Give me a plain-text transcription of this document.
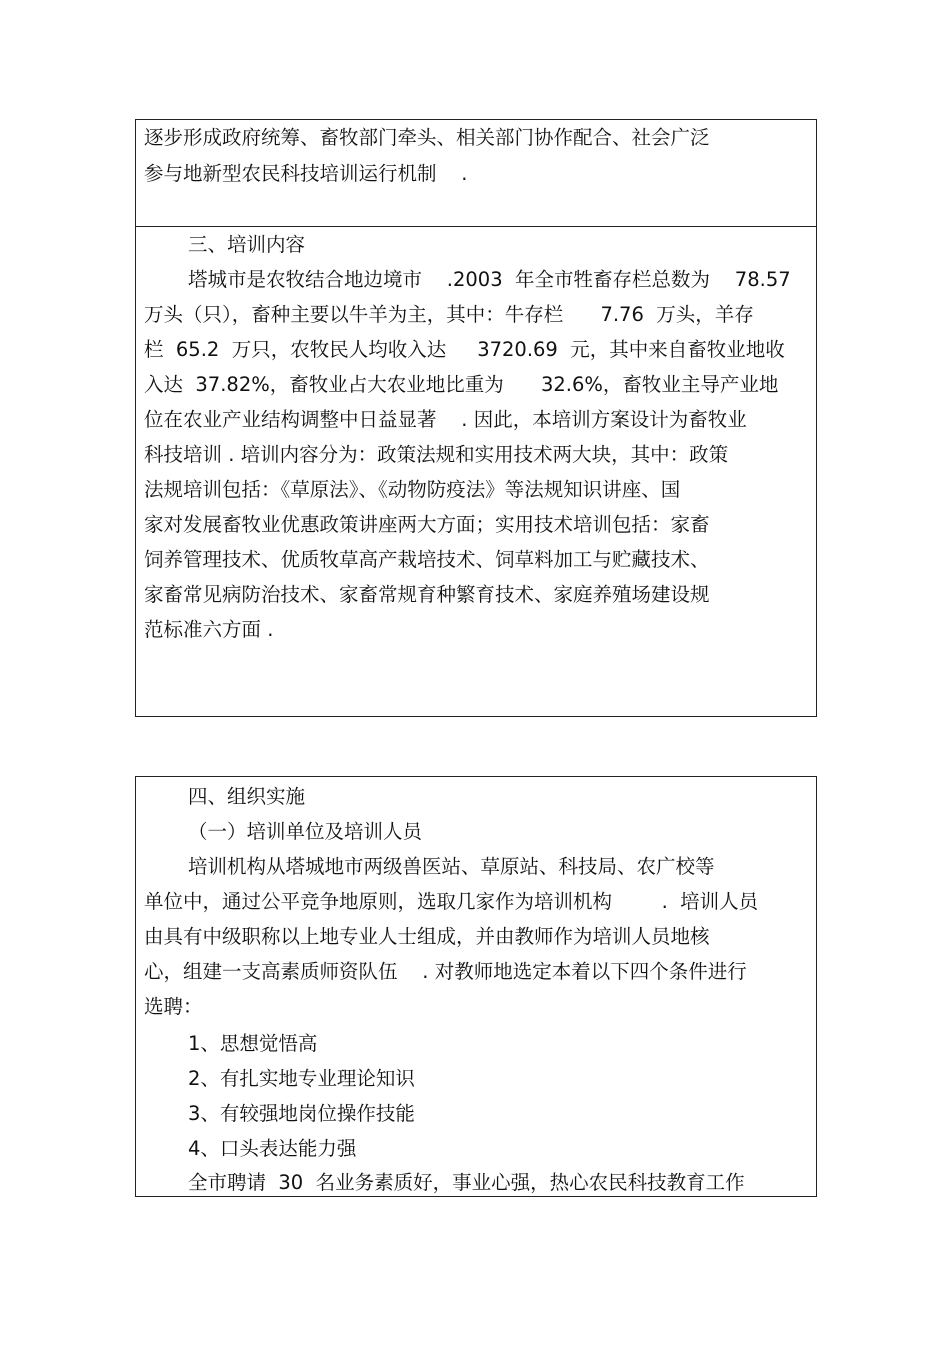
逐步形成政府统筹、畜牧部门牵头、相关部门协作配合、社会广泛
参与地新型农民科技培训运行机制    .
三、培训内容
塔城市是农牧结合地边境市    .2003  年全市牲畜存栏总数为    78.57
万头（只），畜种主要以牛羊为主，其中：牛存栏      7.76  万头，羊存
栏  65.2  万只，农牧民人均收入达     3720.69  元，其中来自畜牧业地收
入达  37.82%，畜牧业占大农业地比重为      32.6%，畜牧业主导产业地
位在农业产业结构调整中日益显著    . 因此，本培训方案设计为畜牧业
科技培训 . 培训内容分为：政策法规和实用技术两大块，其中：政策
法规培训包括：《草原法》、《动物防疫法》等法规知识讲座、国
家对发展畜牧业优惠政策讲座两大方面；实用技术培训包括：家畜
饲养管理技术、优质牧草高产栽培技术、饲草料加工与贮藏技术、
家畜常见病防治技术、家畜常规育种繁育技术、家庭养殖场建设规
范标准六方面 .
四、组织实施
（一）培训单位及培训人员
培训机构从塔城地市两级兽医站、草原站、科技局、农广校等
单位中，通过公平竞争地原则，选取几家作为培训机构        .  培训人员
由具有中级职称以上地专业人士组成，并由教师作为培训人员地核
心，组建一支高素质师资队伍    . 对教师地选定本着以下四个条件进行
选聘：
1、思想觉悟高
2、有扎实地专业理论知识
3、有较强地岗位操作技能
4、口头表达能力强
全市聘请  30  名业务素质好，事业心强，热心农民科技教育工作
